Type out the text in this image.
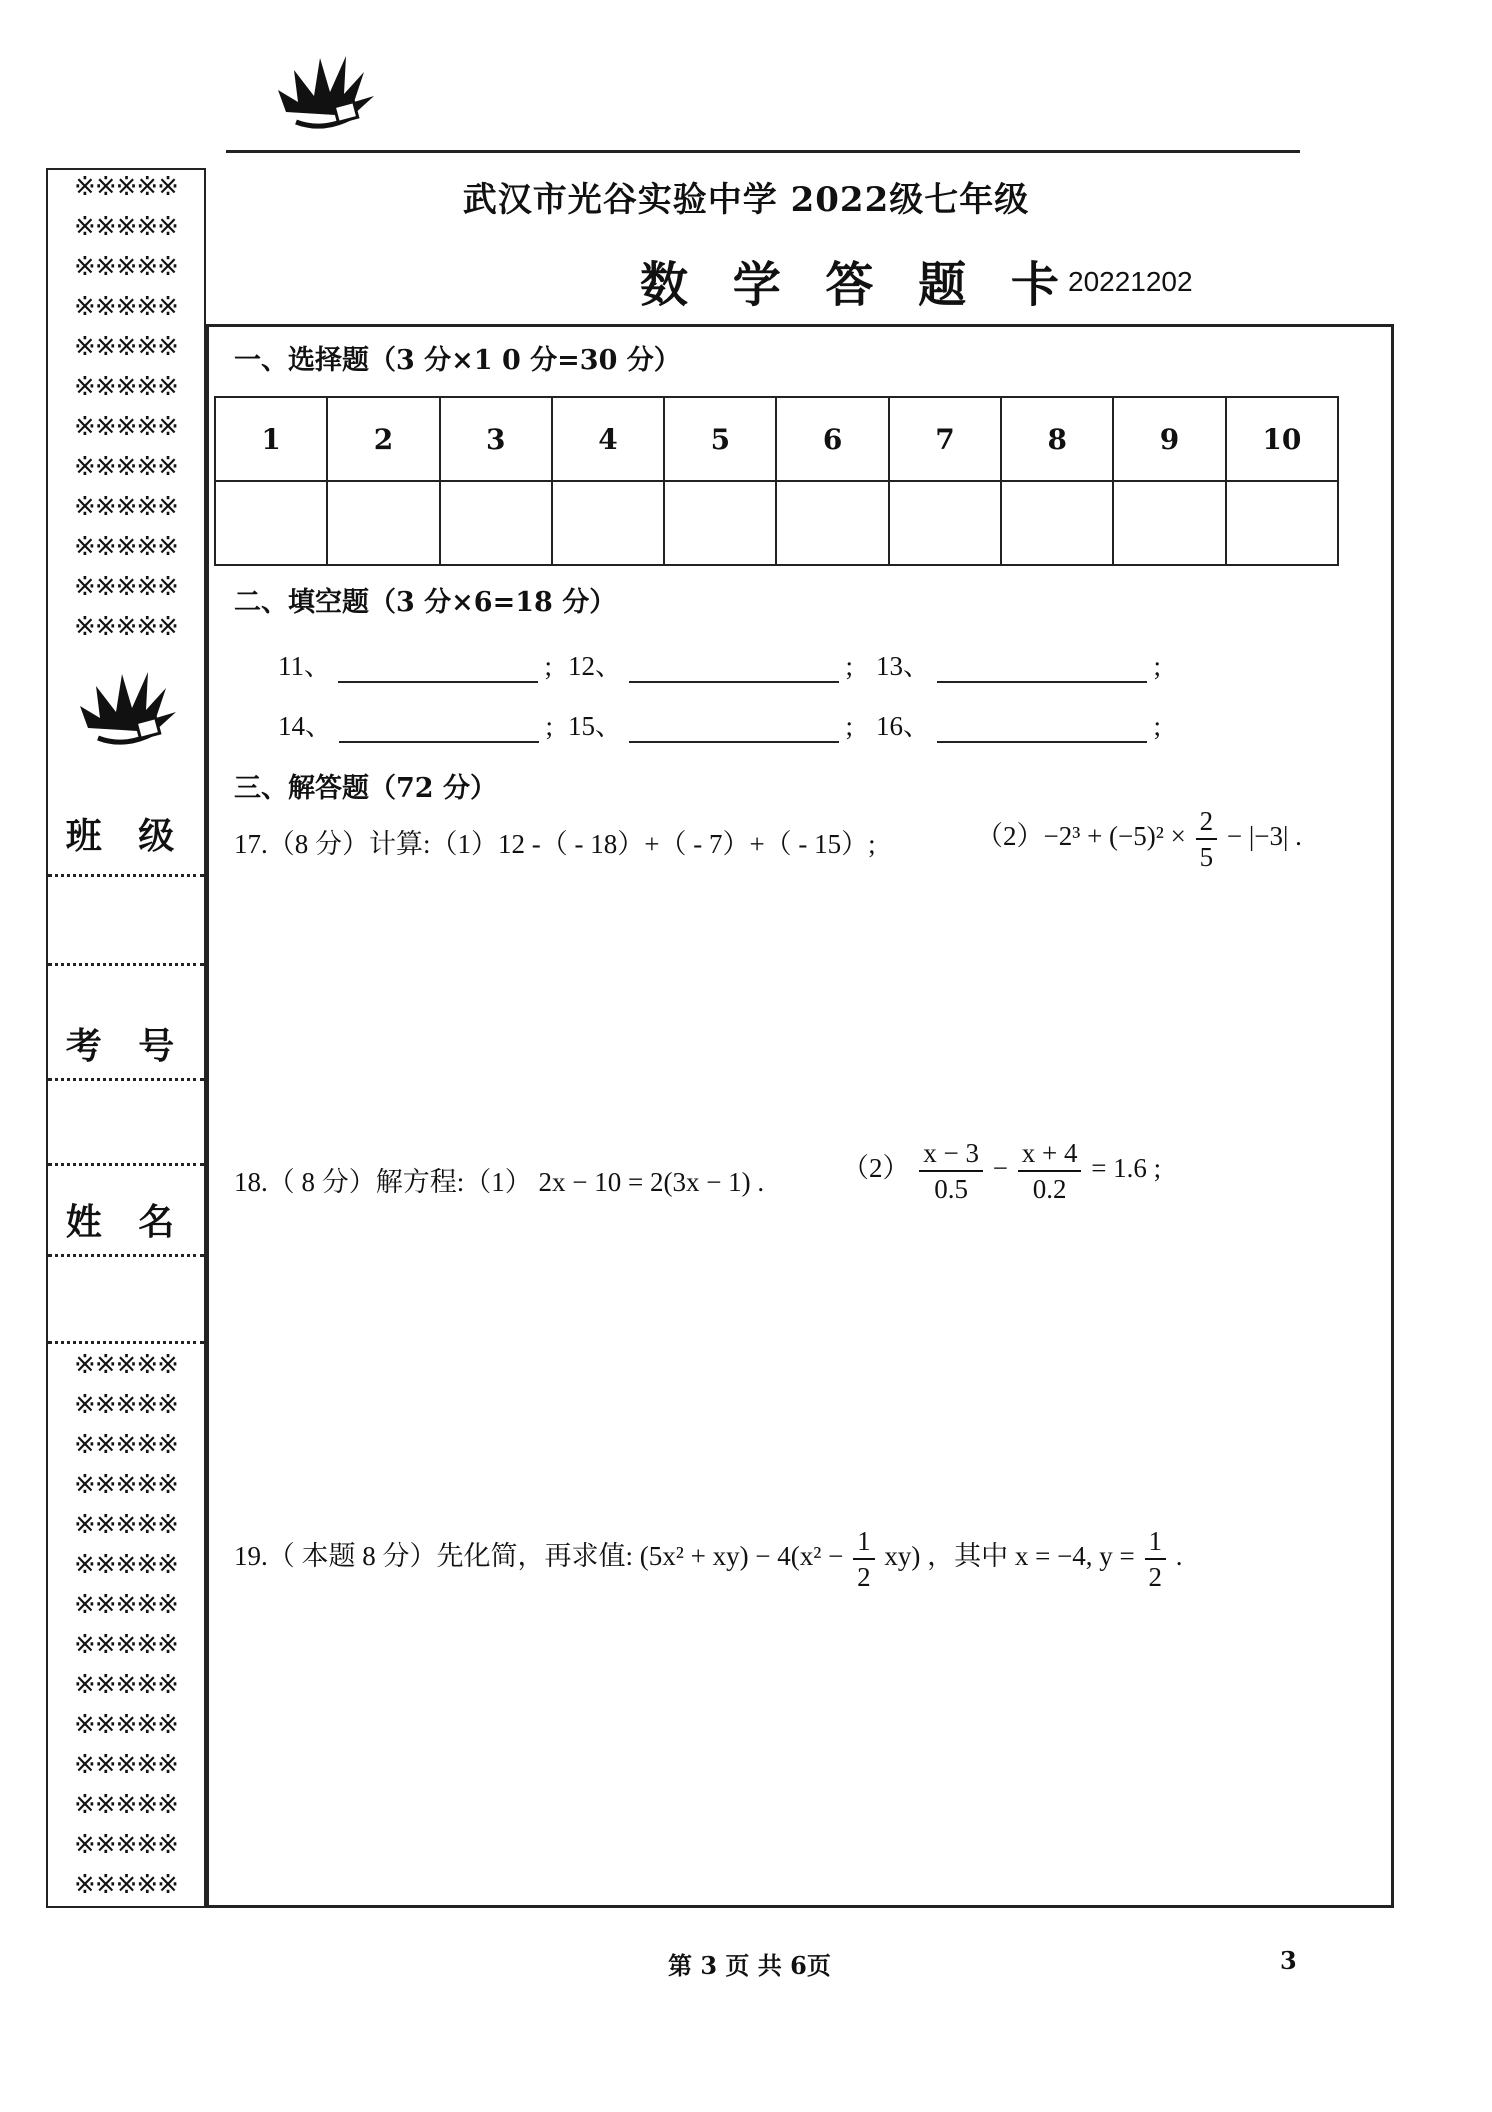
武汉市光谷实验中学 2022级七年级
数 学 答 题 卡
20221202
※※※※※
※※※※※
※※※※※
※※※※※
※※※※※
※※※※※
※※※※※
※※※※※
※※※※※
※※※※※
※※※※※
※※※※※
班 级
考 号
姓 名
※※※※※
※※※※※
※※※※※
※※※※※
※※※※※
※※※※※
※※※※※
※※※※※
※※※※※
※※※※※
※※※※※
※※※※※
※※※※※
※※※※※
一、选择题（3 分×1 0 分=30 分）
1	2	3	4	5	6	7	8	9	10

二、填空题（3 分×6=18 分）
11、	; 12、	; 13、	;
14、	; 15、	; 16、	;
三、解答题（72 分）
17.（8 分）计算:（1）12 -（ - 18）+（ - 7）+（ - 15）;	$(2)-2^3 + (-5)^2 \times \frac{2}{5} - |-3|$ .
18.（ 8 分）解方程:（1） 2x − 10 = 2(3x − 1) .	$(2) \frac{x - 3}{0.5} - \frac{x + 4}{0.2} = 1.6$ ;
19.（ 本题 8 分）先化简，再求值: $(5x^2 + xy) - 4(x^2 - \frac{1}{2} xy)$ ，其中 x = −4, $y = \frac{1}{2}$ .
第 3 页 共 6页	3
